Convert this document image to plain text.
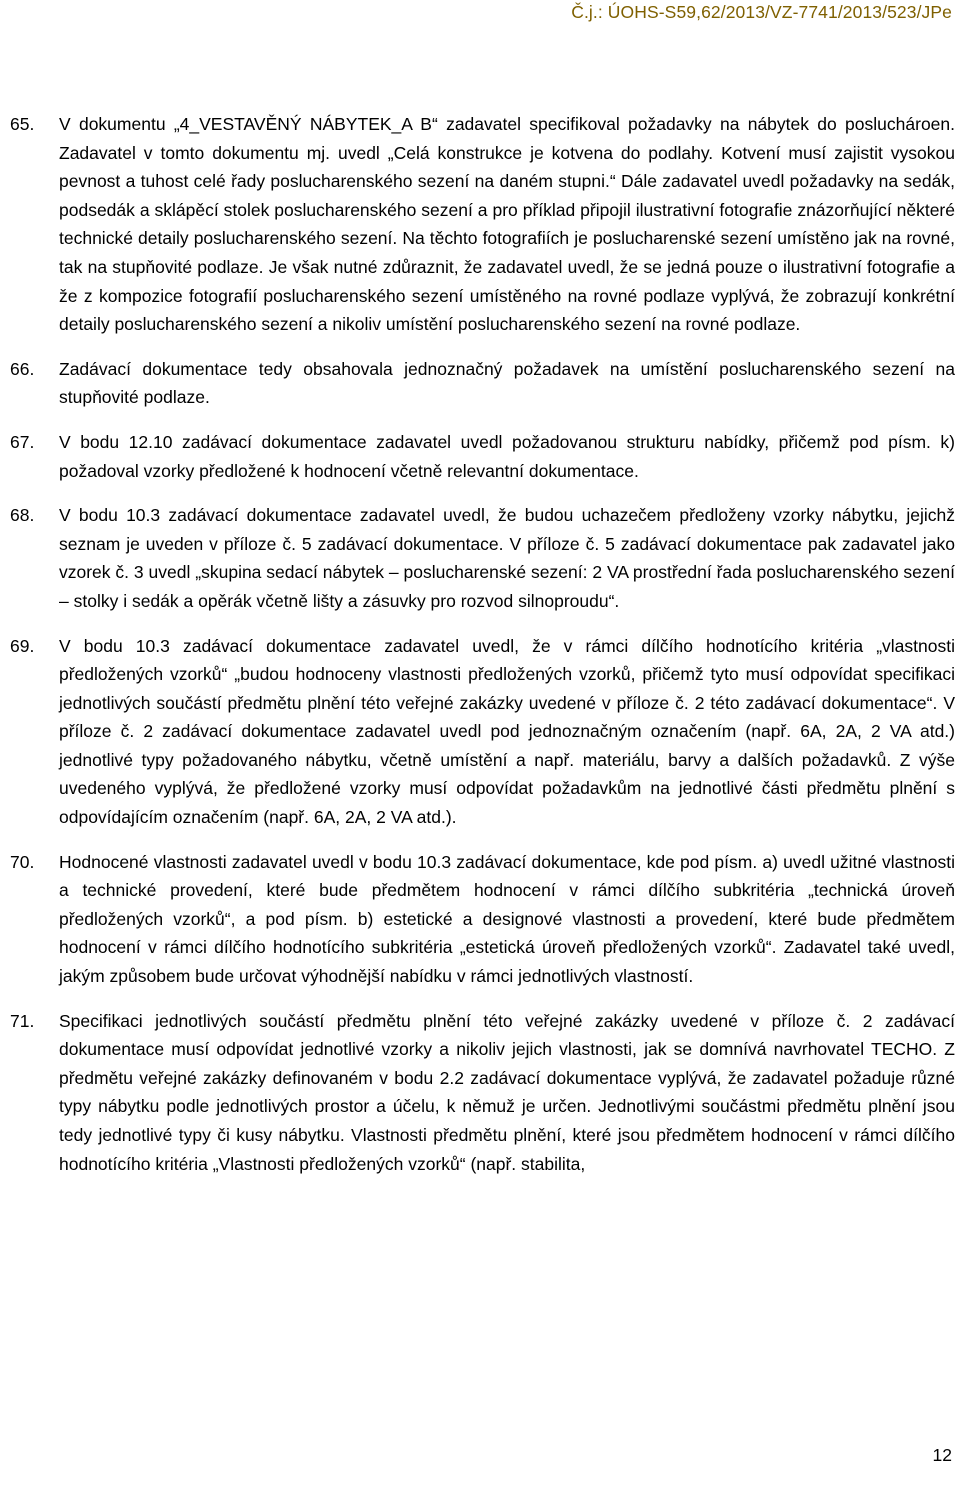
Č.j.: ÚOHS-S59,62/2013/VZ-7741/2013/523/JPe
65.	V dokumentu „4_VESTAVĚNÝ NÁBYTEK_A B“ zadavatel specifikoval požadavky na nábytek do posluchároen. Zadavatel v tomto dokumentu mj. uvedl „Celá konstrukce je kotvena do podlahy. Kotvení musí zajistit vysokou pevnost a tuhost celé řady poslucharenského sezení na daném stupni.“ Dále zadavatel uvedl požadavky na sedák, podsedák a sklápěcí stolek poslucharenského sezení a pro příklad připojil ilustrativní fotografie znázorňující některé technické detaily poslucharenského sezení. Na těchto fotografiích je poslucharenské sezení umístěno jak na rovné, tak na stupňovité podlaze. Je však nutné zdůraznit, že zadavatel uvedl, že se jedná pouze o ilustrativní fotografie a že z kompozice fotografií poslucharenského sezení umístěného na rovné podlaze vyplývá, že zobrazují konkrétní detaily poslucharenského sezení a nikoliv umístění poslucharenského sezení na rovné podlaze.
66.	Zadávací dokumentace tedy obsahovala jednoznačný požadavek na umístění poslucharenského sezení na stupňovité podlaze.
67.	V bodu 12.10 zadávací dokumentace zadavatel uvedl požadovanou strukturu nabídky, přičemž pod písm. k) požadoval vzorky předložené k hodnocení včetně relevantní dokumentace.
68.	V bodu 10.3 zadávací dokumentace zadavatel uvedl, že budou uchazečem předloženy vzorky nábytku, jejichž seznam je uveden v příloze č. 5 zadávací dokumentace. V příloze č. 5 zadávací dokumentace pak zadavatel jako vzorek č. 3 uvedl „skupina sedací nábytek – poslucharenské sezení: 2 VA prostřední řada poslucharenského sezení – stolky i sedák a opěrák včetně lišty a zásuvky pro rozvod silnoproudu“.
69.	V bodu 10.3 zadávací dokumentace zadavatel uvedl, že v rámci dílčího hodnotícího kritéria „vlastnosti předložených vzorků“ „budou hodnoceny vlastnosti předložených vzorků, přičemž tyto musí odpovídat specifikaci jednotlivých součástí předmětu plnění této veřejné zakázky uvedené v příloze č. 2 této zadávací dokumentace“. V příloze č. 2 zadávací dokumentace zadavatel uvedl pod jednoznačným označením (např. 6A, 2A, 2 VA atd.) jednotlivé typy požadovaného nábytku, včetně umístění a např. materiálu, barvy a dalších požadavků. Z výše uvedeného vyplývá, že předložené vzorky musí odpovídat požadavkům na jednotlivé části předmětu plnění s odpovídajícím označením (např. 6A, 2A, 2 VA atd.).
70.	Hodnocené vlastnosti zadavatel uvedl v bodu 10.3 zadávací dokumentace, kde pod písm. a) uvedl užitné vlastnosti a technické provedení, které bude předmětem hodnocení v rámci dílčího subkritéria „technická úroveň předložených vzorků“, a pod písm. b) estetické a designové vlastnosti a provedení, které bude předmětem hodnocení v rámci dílčího hodnotícího subkritéria „estetická úroveň předložených vzorků“. Zadavatel také uvedl, jakým způsobem bude určovat výhodnější nabídku v rámci jednotlivých vlastností.
71.	Specifikaci jednotlivých součástí předmětu plnění této veřejné zakázky uvedené v příloze č. 2 zadávací dokumentace musí odpovídat jednotlivé vzorky a nikoliv jejich vlastnosti, jak se domnívá navrhovatel TECHO. Z předmětu veřejné zakázky definovaném v bodu 2.2 zadávací dokumentace vyplývá, že zadavatel požaduje různé typy nábytku podle jednotlivých prostor a účelu, k němuž je určen. Jednotlivými součástmi předmětu plnění jsou tedy jednotlivé typy či kusy nábytku. Vlastnosti předmětu plnění, které jsou předmětem hodnocení v rámci dílčího hodnotícího kritéria „Vlastnosti předložených vzorků“ (např. stabilita,
12
